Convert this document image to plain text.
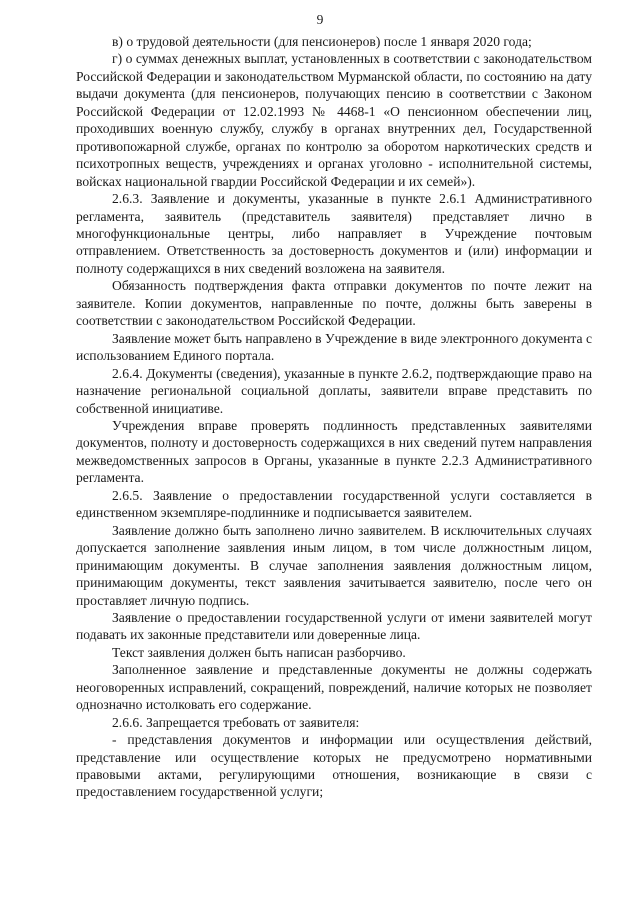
9

в) о трудовой деятельности (для пенсионеров) после 1 января 2020 года;

г) о суммах денежных выплат, установленных в соответствии с законодательством Российской Федерации и законодательством Мурманской области, по состоянию на дату выдачи документа (для пенсионеров, получающих пенсию в соответствии с Законом Российской Федерации от 12.02.1993 № 4468-1 «О пенсионном обеспечении лиц, проходивших военную службу, службу в органах внутренних дел, Государственной противопожарной службе, органах по контролю за оборотом наркотических средств и психотропных веществ, учреждениях и органах уголовно - исполнительной системы, войсках национальной гвардии Российской Федерации и их семей»).

2.6.3. Заявление и документы, указанные в пункте 2.6.1 Административного регламента, заявитель (представитель заявителя) представляет лично в многофункциональные центры, либо направляет в Учреждение почтовым отправлением. Ответственность за достоверность документов и (или) информации и полноту содержащихся в них сведений возложена на заявителя.

Обязанность подтверждения факта отправки документов по почте лежит на заявителе. Копии документов, направленные по почте, должны быть заверены в соответствии с законодательством Российской Федерации.

Заявление может быть направлено в Учреждение в виде электронного документа с использованием Единого портала.

2.6.4. Документы (сведения), указанные в пункте 2.6.2, подтверждающие право на назначение региональной социальной доплаты, заявители вправе представить по собственной инициативе.

Учреждения вправе проверять подлинность представленных заявителями документов, полноту и достоверность содержащихся в них сведений путем направления межведомственных запросов в Органы, указанные в пункте 2.2.3 Административного регламента.

2.6.5. Заявление о предоставлении государственной услуги составляется в единственном экземпляре-подлиннике и подписывается заявителем.

Заявление должно быть заполнено лично заявителем. В исключительных случаях допускается заполнение заявления иным лицом, в том числе должностным лицом, принимающим документы. В случае заполнения заявления должностным лицом, принимающим документы, текст заявления зачитывается заявителю, после чего он проставляет личную подпись.

Заявление о предоставлении государственной услуги от имени заявителей могут подавать их законные представители или доверенные лица.

Текст заявления должен быть написан разборчиво.

Заполненное заявление и представленные документы не должны содержать неоговоренных исправлений, сокращений, повреждений, наличие которых не позволяет однозначно истолковать его содержание.

2.6.6. Запрещается требовать от заявителя:

- представления документов и информации или осуществления действий, представление или осуществление которых не предусмотрено нормативными правовыми актами, регулирующими отношения, возникающие в связи с предоставлением государственной услуги;
